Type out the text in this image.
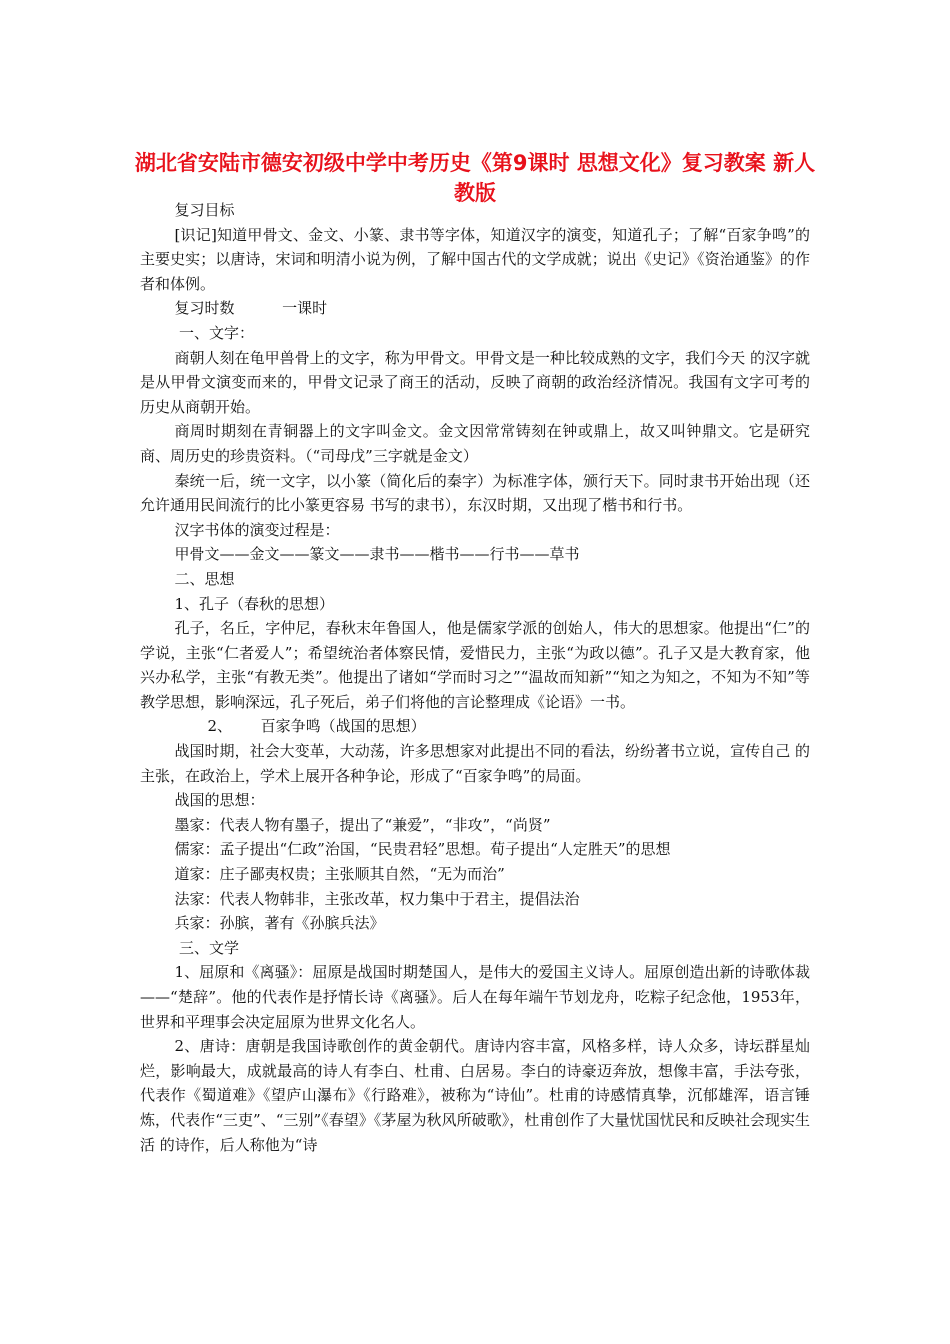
湖北省安陆市德安初级中学中考历史《第9课时 思想文化》复习教案 新人教版

复习目标

[识记]知道甲骨文、金文、小篆、隶书等字体，知道汉字的演变，知道孔子；了解“百家争鸣”的主要史实；以唐诗，宋词和明清小说为例，了解中国古代的文学成就；说出《史记》《资治通鉴》的作者和体例。

复习时数          一课时

一、文字：

商朝人刻在龟甲兽骨上的文字，称为甲骨文。甲骨文是一种比较成熟的文字，我们今天 的汉字就是从甲骨文演变而来的，甲骨文记录了商王的活动，反映了商朝的政治经济情况。我国有文字可考的历史从商朝开始。

商周时期刻在青铜器上的文字叫金文。金文因常常铸刻在钟或鼎上，故又叫钟鼎文。它是研究商、周历史的珍贵资料。（“司母戊”三字就是金文）

秦统一后，统一文字，以小篆（简化后的秦字）为标准字体，颁行天下。同时隶书开始出现（还允许通用民间流行的比小篆更容易 书写的隶书），东汉时期，又出现了楷书和行书。

汉字书体的演变过程是：

甲骨文——金文——篆文——隶书——楷书——行书——草书

二、思想

1、孔子（春秋的思想）

孔子，名丘，字仲尼，春秋末年鲁国人，他是儒家学派的创始人，伟大的思想家。他提出“仁”的学说，主张“仁者爱人”；希望统治者体察民情，爱惜民力，主张“为政以德”。孔子又是大教育家，他兴办私学，主张“有教无类”。他提出了诸如“学而时习之”“温故而知新”“知之为知之，不知为不知”等教学思想，影响深远，孔子死后，弟子们将他的言论整理成《论语》一书。

2、      百家争鸣（战国的思想）

战国时期，社会大变革，大动荡，许多思想家对此提出不同的看法，纷纷著书立说，宣传自己 的主张，在政治上，学术上展开各种争论，形成了“百家争鸣”的局面。

战国的思想：

墨家：代表人物有墨子，提出了“兼爱”，“非攻”，“尚贤”

儒家：孟子提出“仁政”治国，“民贵君轻”思想。荀子提出“人定胜天”的思想

道家：庄子鄙夷权贵；主张顺其自然，“无为而治”

法家：代表人物韩非，主张改革，权力集中于君主，提倡法治

兵家：孙膑，著有《孙膑兵法》

三、文学

1、屈原和《离骚》：屈原是战国时期楚国人，是伟大的爱国主义诗人。屈原创造出新的诗歌体裁——“楚辞”。他的代表作是抒情长诗《离骚》。后人在每年端午节划龙舟，吃粽子纪念他，1953年，世界和平理事会决定屈原为世界文化名人。

2、唐诗：唐朝是我国诗歌创作的黄金朝代。唐诗内容丰富，风格多样，诗人众多，诗坛群星灿烂，影响最大，成就最高的诗人有李白、杜甫、白居易。李白的诗豪迈奔放，想像丰富，手法夸张，代表作《蜀道难》《望庐山瀑布》《行路难》，被称为“诗仙”。杜甫的诗感情真挚，沉郁雄浑，语言锤炼，代表作“三吏”、“三别”《春望》《茅屋为秋风所破歌》，杜甫创作了大量忧国忧民和反映社会现实生活 的诗作，后人称他为“诗
